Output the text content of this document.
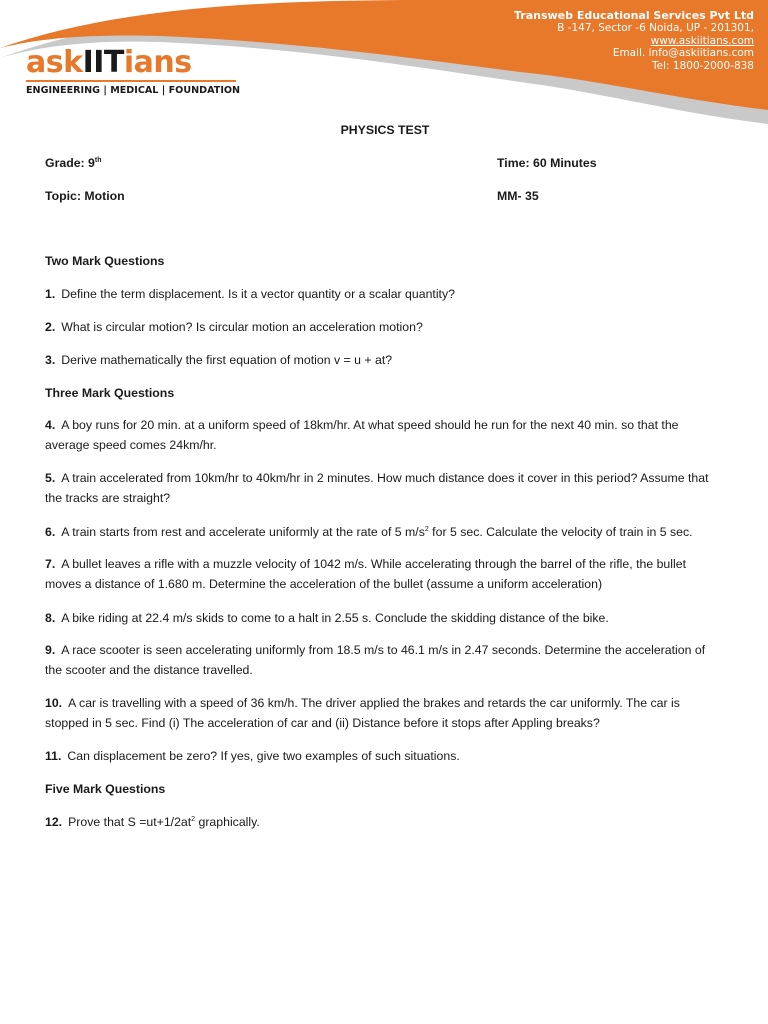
Transweb Educational Services Pvt Ltd
B -147, Sector -6 Noida, UP - 201301,
www.askiitians.com
Email. info@askiitians.com
Tel: 1800-2000-838
askIITians
ENGINEERING | MEDICAL | FOUNDATION
PHYSICS TEST
Grade: 9th	Time: 60 Minutes
Topic: Motion	MM- 35
Two Mark Questions
1. Define the term displacement. Is it a vector quantity or a scalar quantity?
2. What is circular motion? Is circular motion an acceleration motion?
3. Derive mathematically the first equation of motion v = u + at?
Three Mark Questions
4. A boy runs for 20 min. at a uniform speed of 18km/hr. At what speed should he run for the next 40 min. so that the average speed comes 24km/hr.
5. A train accelerated from 10km/hr to 40km/hr in 2 minutes. How much distance does it cover in this period? Assume that the tracks are straight?
6. A train starts from rest and accelerate uniformly at the rate of 5 $m/s^2$ for 5 sec. Calculate the velocity of train in 5 sec.
7. A bullet leaves a rifle with a muzzle velocity of 1042 m/s. While accelerating through the barrel of the rifle, the bullet moves a distance of 1.680 m. Determine the acceleration of the bullet (assume a uniform acceleration)
8. A bike riding at 22.4 m/s skids to come to a halt in 2.55 s. Conclude the skidding distance of the bike.
9. A race scooter is seen accelerating uniformly from 18.5 m/s to 46.1 m/s in 2.47 seconds. Determine the acceleration of the scooter and the distance travelled.
10. A car is travelling with a speed of 36 km/h. The driver applied the brakes and retards the car uniformly. The car is stopped in 5 sec. Find (i) The acceleration of car and (ii) Distance before it stops after Appling breaks?
11. Can displacement be zero? If yes, give two examples of such situations.
Five Mark Questions
12. Prove that $S =ut+1/2at^2$ graphically.
